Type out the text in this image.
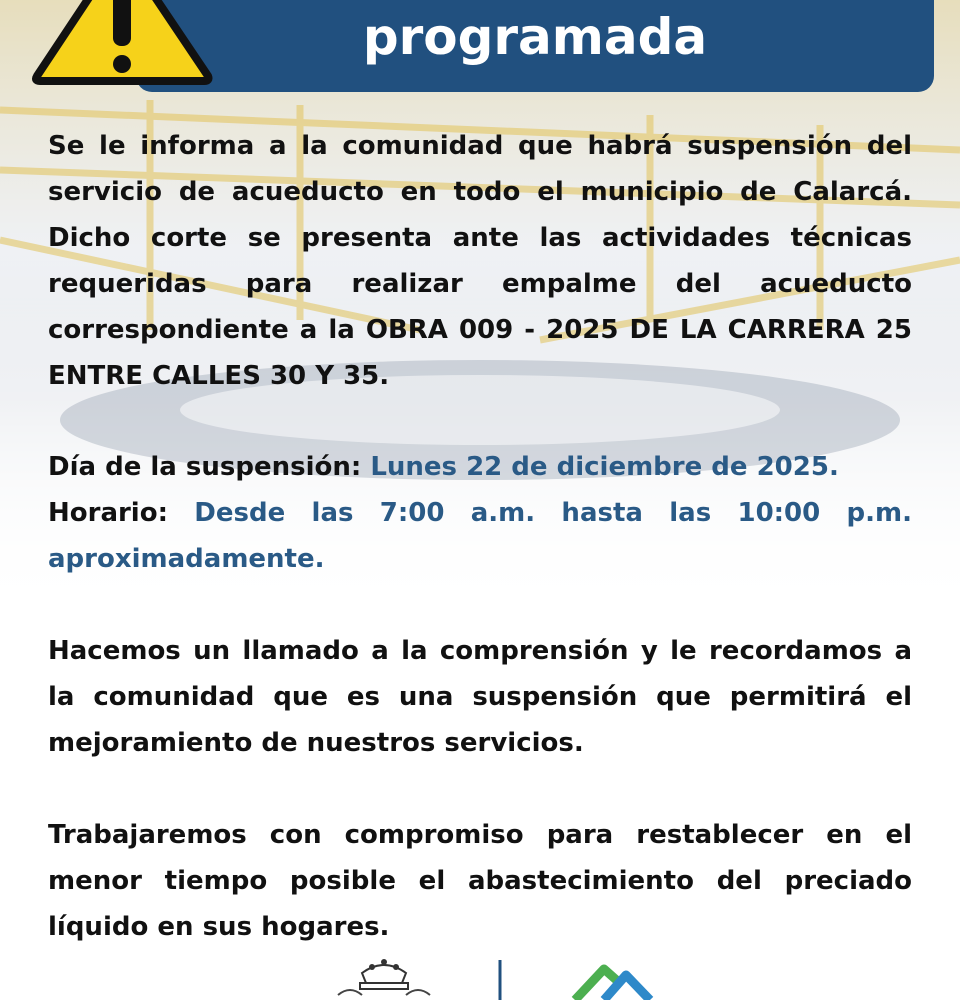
programada

Se le informa a la comunidad que habrá suspensión del servicio de acueducto en todo el municipio de Calarcá. Dicho corte se presenta ante las actividades técnicas requeridas para realizar empalme del acueducto correspondiente a la OBRA 009 - 2025 DE LA CARRERA 25 ENTRE CALLES 30 Y 35.

Día de la suspensión: Lunes 22 de diciembre de 2025.

Horario: Desde las 7:00 a.m. hasta las 10:00 p.m. aproximadamente.

Hacemos un llamado a la comprensión y le recordamos a la comunidad que es una suspensión que permitirá el mejoramiento de nuestros servicios.

Trabajaremos con compromiso para restablecer en el menor tiempo posible el abastecimiento del preciado líquido en sus hogares.
